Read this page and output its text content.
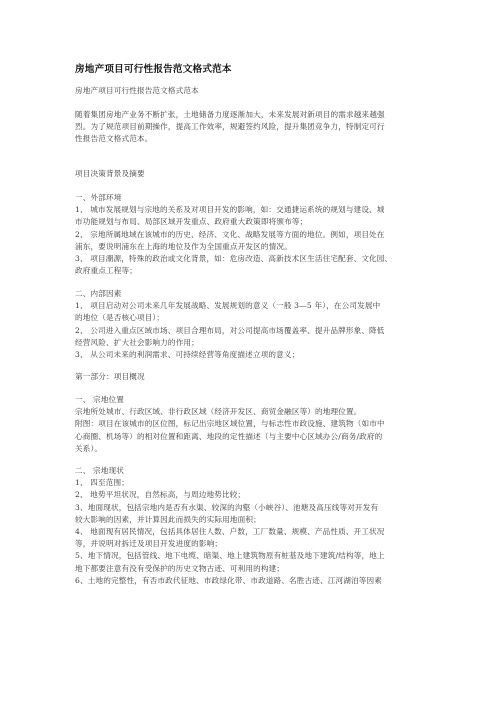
房地产项目可行性报告范文格式范本
房地产项目可行性报告范文格式范本
随着集团房地产业务不断扩张，土地储备力度逐渐加大，未来发展对新项目的需求越来越强
烈。为了规范项目前期操作，提高工作效率，规避签约风险，提升集团竞争力，特制定可行
性报告范文格式范本。
项目决策背景及摘要
一、外部环境
1、 城市发展规划与宗地的关系及对项目开发的影响，如：交通捷运系统的规划与建设、城
市功能规划与布局、局部区域开发重点、政府重大政策即将颁布等；
2、 宗地所属地域在该城市的历史、经济、文化、战略发展等方面的地位。例如，项目处在
浦东，要说明浦东在上海的地位及作为全国重点开发区的情况。
3、 项目潮源，特殊的政治或文化背景，如：危房改造、高新技术区生活住宅配套、文化园、
政府重点工程等；
二、内部因素
1、 项目启动对公司未来几年发展战略、发展规划的意义（一般 3—5 年），在公司发展中
的地位（是否核心项目）；
2、 公司进入重点区域市场、项目合理布局，对公司提高市场覆盖率、提升品牌形象、降低
经营风险、扩大社会影响力的作用；
3、 从公司未来的利润需求、可持续经营等角度描述立项的意义；
第一部分：项目概况
一、 宗地位置
宗地所处城市、行政区域、非行政区域（经济开发区、商贸金融区等）的地理位置。
附图：项目在该城市的区位图，标记出宗地区域位置，与标志性市政设施、建筑物（如市中
心商圈、机场等）的相对位置和距离、地段的定性描述（与主要中心区域办公/商务/政府的
关系）。
二、 宗地现状
1、 四至范围；
2、 地势平坦状况，自然标高，与周边地势比较；
3、地面现状，包括宗地内是否有水渠、较深的沟壑（小峡谷）、池塘及高压线等对开发有
较大影响的因素，并计算因此而损失的实际用地面积；
4、 地面现有居民情况，包括具体居住人数、户数，工厂数量、规模、产品性质、开工状况
等，并说明对拆迁及项目开发进度的影响；
5、地下情况，包括管线、地下电缆、暗渠、地上建筑物原有桩基及地下建筑/结构等，地上
地下都要注意有没有受保护的历史文物古迹、可利用的构建；
6、土地的完整性，有否市政代征地、市政绿化带、市政道路、名胜古迹、江河湖泊等因素
